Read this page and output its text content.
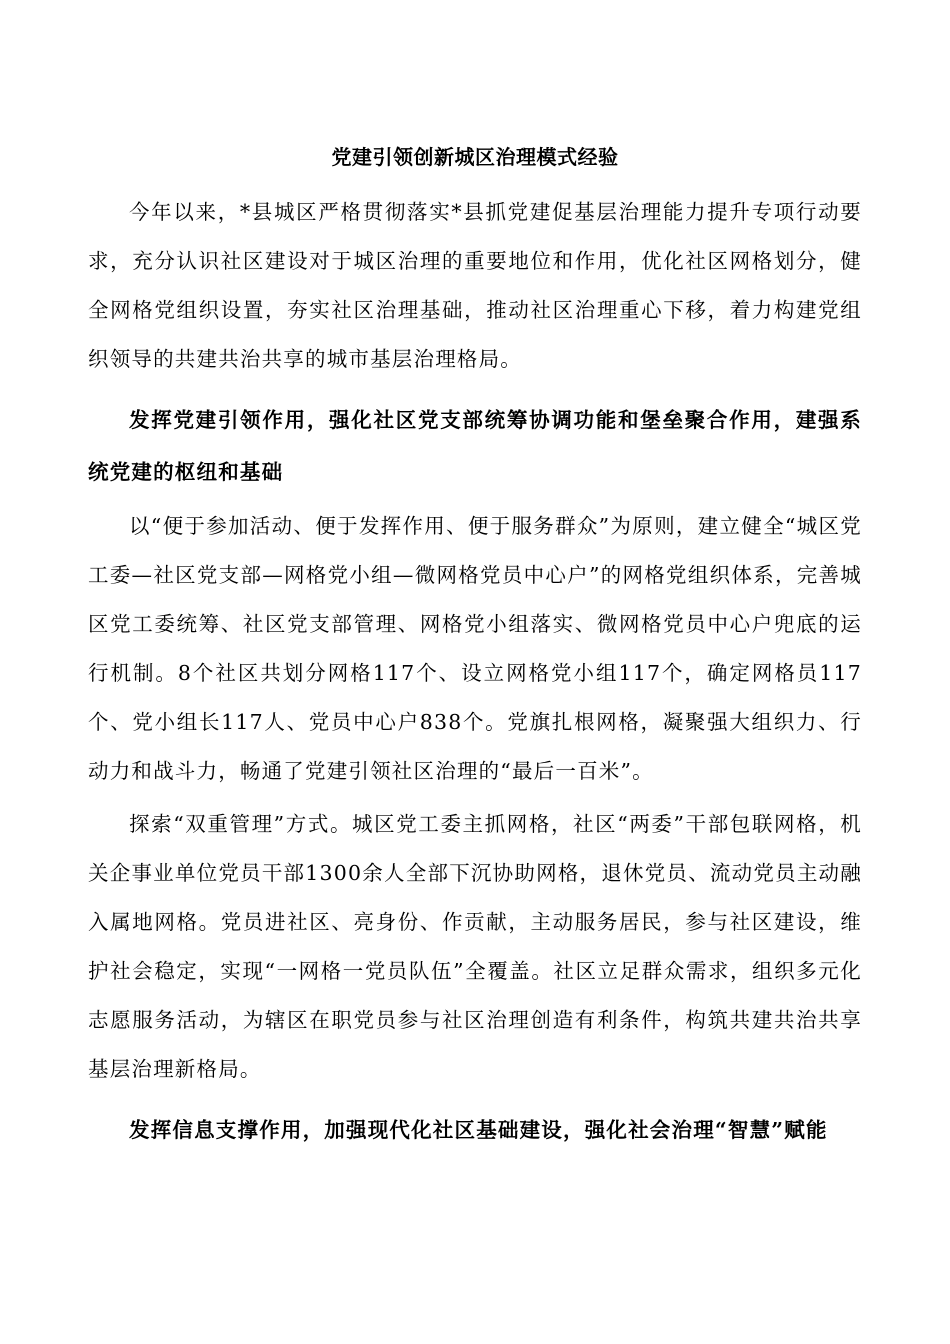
党建引领创新城区治理模式经验

今年以来，*县城区严格贯彻落实*县抓党建促基层治理能力提升专项行动要求，充分认识社区建设对于城区治理的重要地位和作用，优化社区网格划分，健全网格党组织设置，夯实社区治理基础，推动社区治理重心下移，着力构建党组织领导的共建共治共享的城市基层治理格局。

发挥党建引领作用，强化社区党支部统筹协调功能和堡垒聚合作用，建强系统党建的枢纽和基础

以“便于参加活动、便于发挥作用、便于服务群众”为原则，建立健全“城区党工委—社区党支部—网格党小组—微网格党员中心户”的网格党组织体系，完善城区党工委统筹、社区党支部管理、网格党小组落实、微网格党员中心户兜底的运行机制。8个社区共划分网格117个、设立网格党小组117个，确定网格员117个、党小组长117人、党员中心户838个。党旗扎根网格，凝聚强大组织力、行动力和战斗力，畅通了党建引领社区治理的“最后一百米”。

探索“双重管理”方式。城区党工委主抓网格，社区“两委”干部包联网格，机关企事业单位党员干部1300余人全部下沉协助网格，退休党员、流动党员主动融入属地网格。党员进社区、亮身份、作贡献，主动服务居民，参与社区建设，维护社会稳定，实现“一网格一党员队伍”全覆盖。社区立足群众需求，组织多元化志愿服务活动，为辖区在职党员参与社区治理创造有利条件，构筑共建共治共享基层治理新格局。

发挥信息支撑作用，加强现代化社区基础建设，强化社会治理“智慧”赋能
